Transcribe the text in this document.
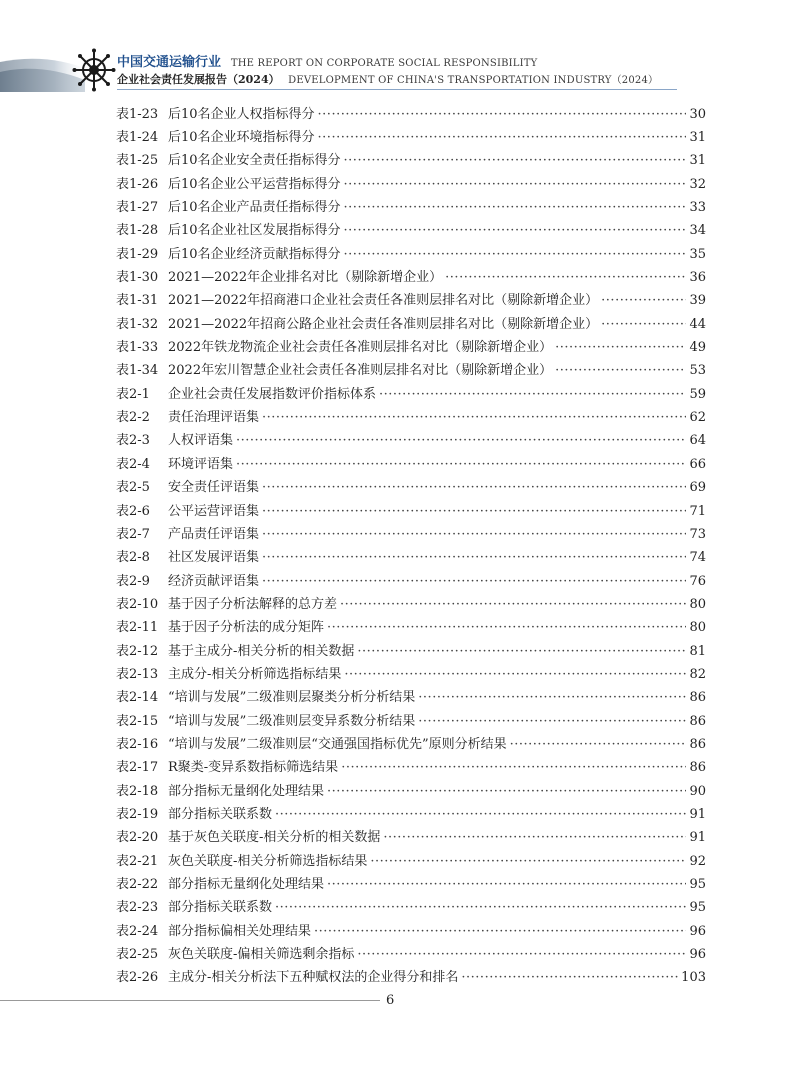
中国交通运输行业 THE REPORT ON CORPORATE SOCIAL RESPONSIBILITY
企业社会责任发展报告（2024） DEVELOPMENT OF CHINA'S TRANSPORTATION INDUSTRY（2024）
表1-23 后10名企业人权指标得分 ·····	30
表1-24 后10名企业环境指标得分 ·····	31
表1-25 后10名企业安全责任指标得分 ·····	31
表1-26 后10名企业公平运营指标得分 ·····	32
表1-27 后10名企业产品责任指标得分 ·····	33
表1-28 后10名企业社区发展指标得分 ·····	34
表1-29 后10名企业经济贡献指标得分 ·····	35
表1-30 2021—2022年企业排名对比（剔除新增企业） ·····	36
表1-31 2021—2022年招商港口企业社会责任各准则层排名对比（剔除新增企业） ·····	39
表1-32 2021—2022年招商公路企业社会责任各准则层排名对比（剔除新增企业） ·····	44
表1-33 2022年铁龙物流企业社会责任各准则层排名对比（剔除新增企业） ·····	49
表1-34 2022年宏川智慧企业社会责任各准则层排名对比（剔除新增企业） ·····	53
表2-1	企业社会责任发展指数评价指标体系 ·····	59
表2-2	责任治理评语集 ·····	62
表2-3	人权评语集 ·····	64
表2-4	环境评语集 ·····	66
表2-5	安全责任评语集 ·····	69
表2-6	公平运营评语集 ·····	71
表2-7	产品责任评语集 ·····	73
表2-8	社区发展评语集 ·····	74
表2-9	经济贡献评语集 ·····	76
表2-10 基于因子分析法解释的总方差 ·····	80
表2-11 基于因子分析法的成分矩阵 ·····	80
表2-12 基于主成分-相关分析的相关数据 ·····	81
表2-13 主成分-相关分析筛选指标结果 ·····	82
表2-14 “培训与发展”二级准则层聚类分析分析结果 ·····	86
表2-15 “培训与发展”二级准则层变异系数分析结果 ·····	86
表2-16 “培训与发展”二级准则层“交通强国指标优先”原则分析结果 ·····	86
表2-17 R聚类-变异系数指标筛选结果 ·····	86
表2-18 部分指标无量纲化处理结果 ·····	90
表2-19 部分指标关联系数 ·····	91
表2-20 基于灰色关联度-相关分析的相关数据 ·····	91
表2-21 灰色关联度-相关分析筛选指标结果 ·····	92
表2-22 部分指标无量纲化处理结果 ·····	95
表2-23 部分指标关联系数 ·····	95
表2-24 部分指标偏相关处理结果 ·····	96
表2-25 灰色关联度-偏相关筛选剩余指标 ·····	96
表2-26 主成分-相关分析法下五种赋权法的企业得分和排名 ·····	103
6
